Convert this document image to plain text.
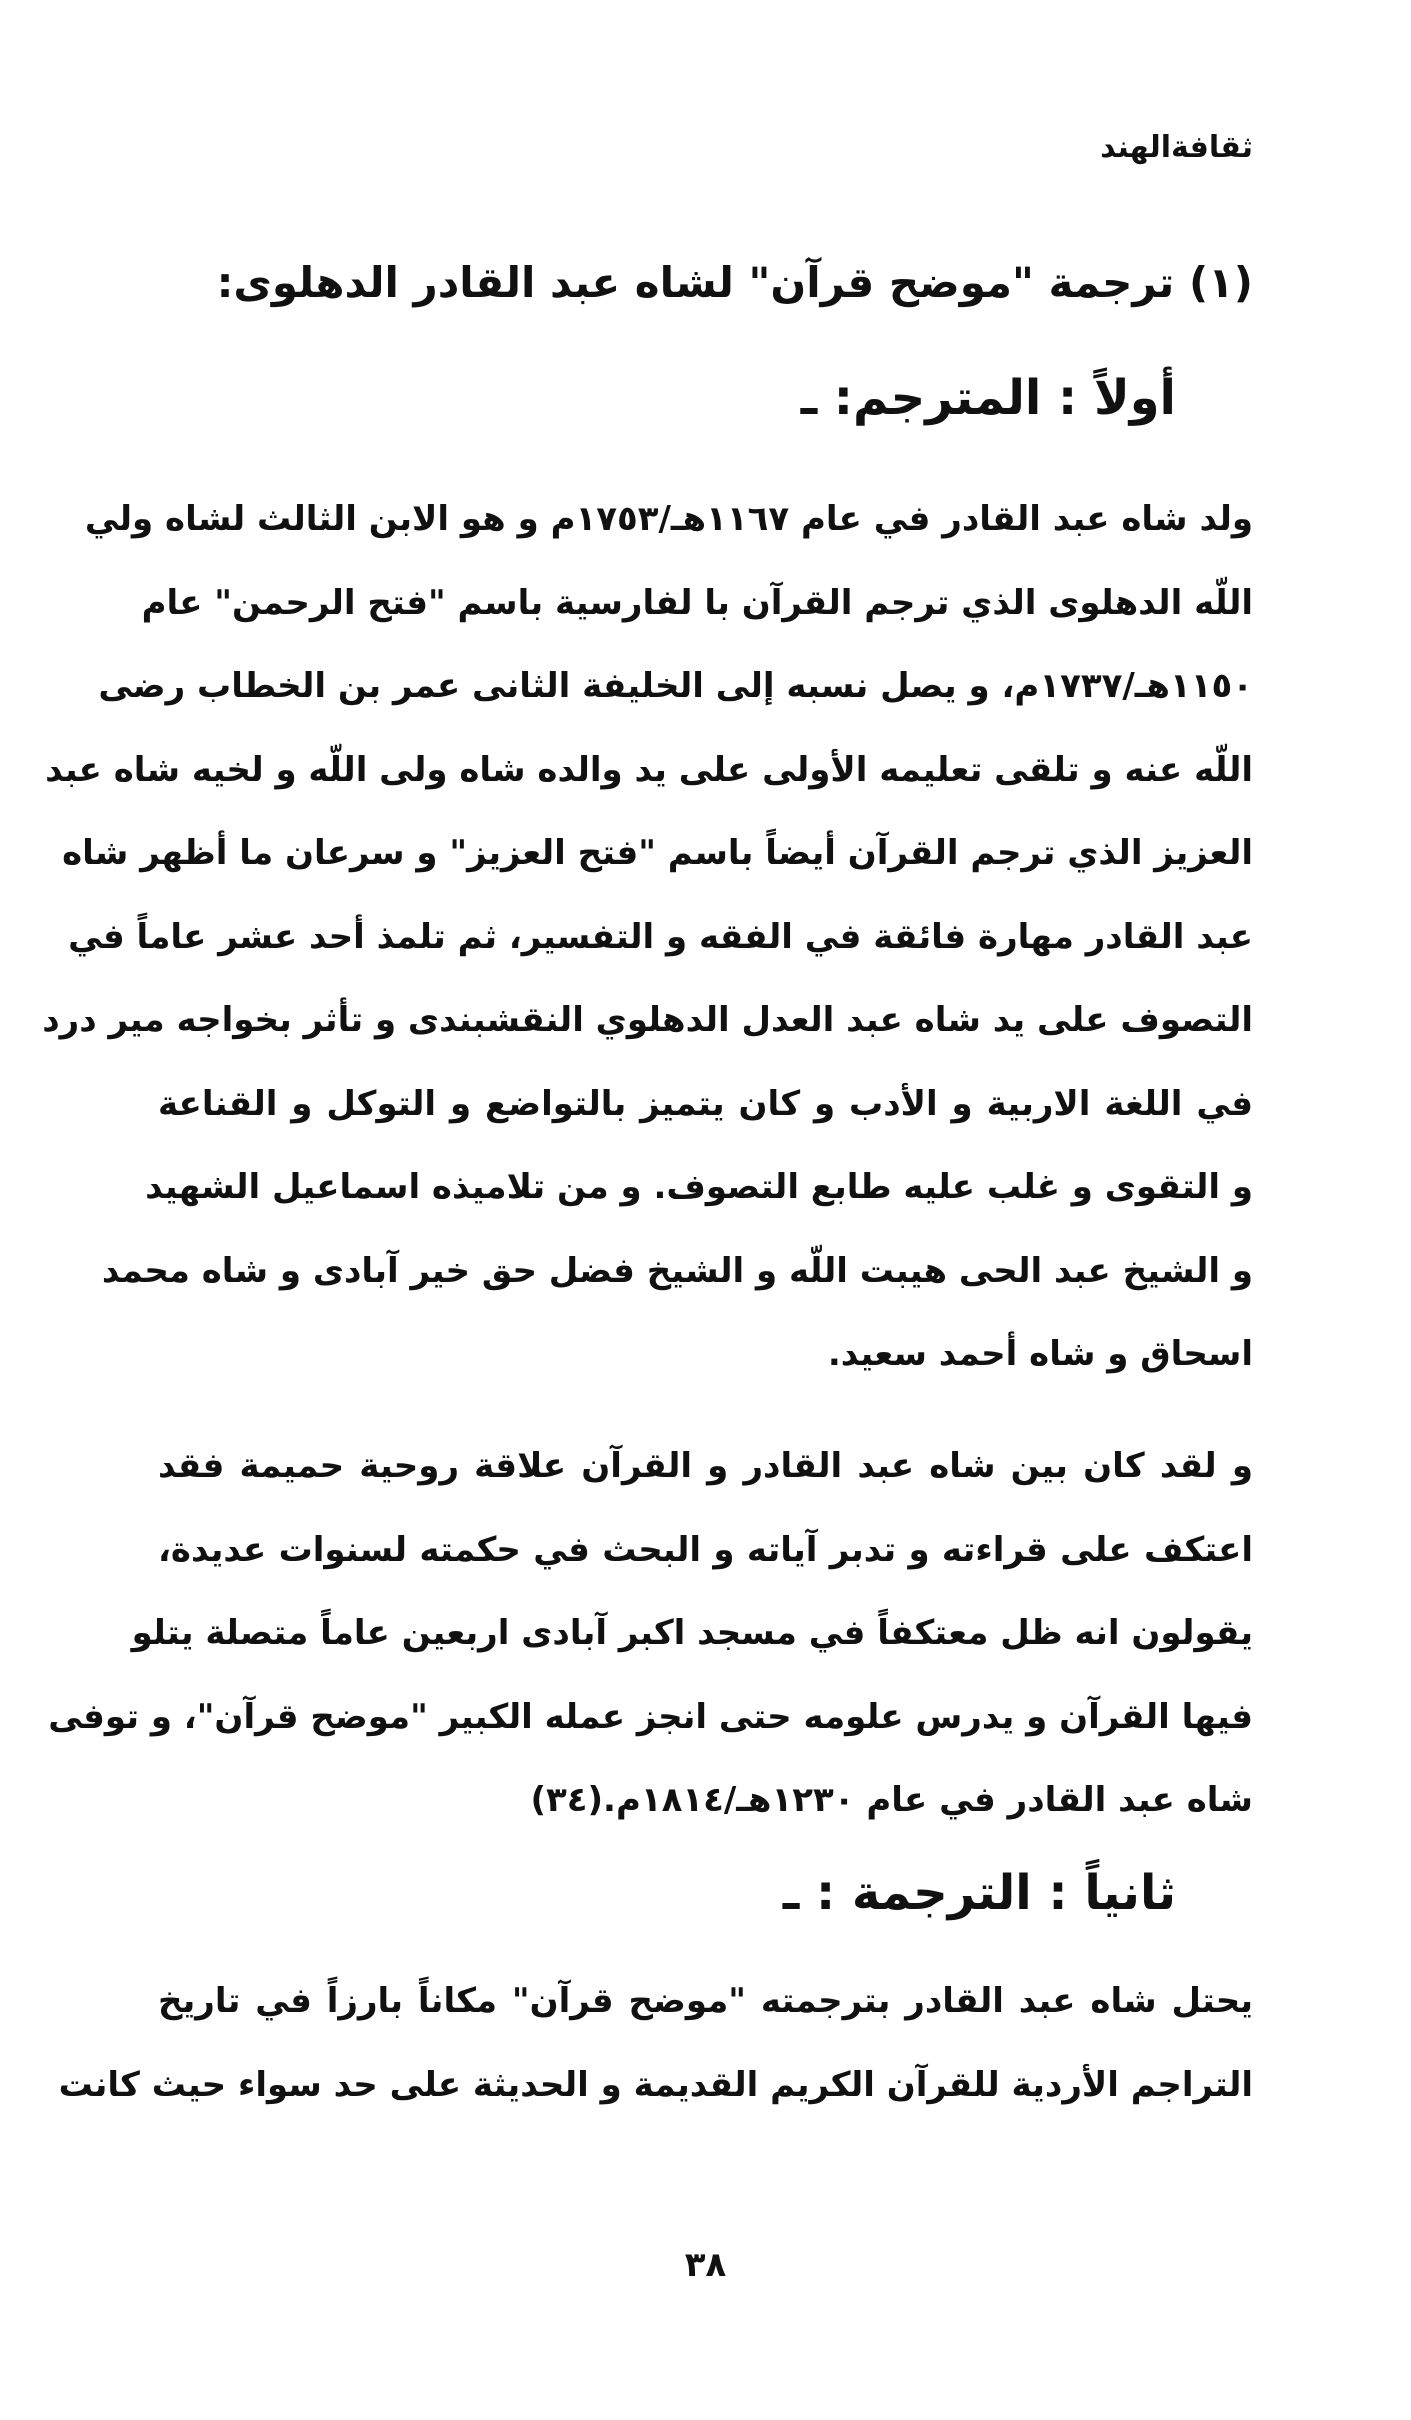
ثقافةالهند
(١) ترجمة "موضح قرآن" لشاه عبد القادر الدهلوى:
أولاً : المترجم: ـ
ولد شاه عبد القادر في عام ١١٦٧هـ/١٧٥٣م و هو الابن الثالث لشاه ولي
اللّه الدهلوى الذي ترجم القرآن با لفارسية باسم "فتح الرحمن" عام
١١٥٠هـ/١٧٣٧م، و يصل نسبه إلى الخليفة الثانى عمر بن الخطاب رضى
اللّه عنه و تلقى تعليمه الأولى على يد والده شاه ولى اللّه و لخيه شاه عبد
العزيز الذي ترجم القرآن أيضاً باسم "فتح العزيز" و سرعان ما أظهر شاه
عبد القادر مهارة فائقة في الفقه و التفسير، ثم تلمذ أحد عشر عاماً في
التصوف على يد شاه عبد العدل الدهلوي النقشبندى و تأثر بخواجه مير درد
في اللغة الاربية و الأدب و كان يتميز بالتواضع و التوكل و القناعة
و التقوى و غلب عليه طابع التصوف. و من تلاميذه اسماعيل الشهيد
و الشيخ عبد الحى هيبت اللّه و الشيخ فضل حق خير آبادى و شاه محمد
اسحاق و شاه أحمد سعيد.
و لقد كان بين شاه عبد القادر و القرآن علاقة روحية حميمة فقد
اعتكف على قراءته و تدبر آياته و البحث في حكمته لسنوات عديدة،
يقولون انه ظل معتكفاً في مسجد اكبر آبادى اربعين عاماً متصلة يتلو
فيها القرآن و يدرس علومه حتى انجز عمله الكبير "موضح قرآن"، و توفى
شاه عبد القادر في عام ١٢٣٠هـ/١٨١٤م.(٣٤)
ثانياً : الترجمة : ـ
يحتل شاه عبد القادر بترجمته "موضح قرآن" مكاناً بارزاً في تاريخ
التراجم الأردية للقرآن الكريم القديمة و الحديثة على حد سواء حيث كانت
٣٨
